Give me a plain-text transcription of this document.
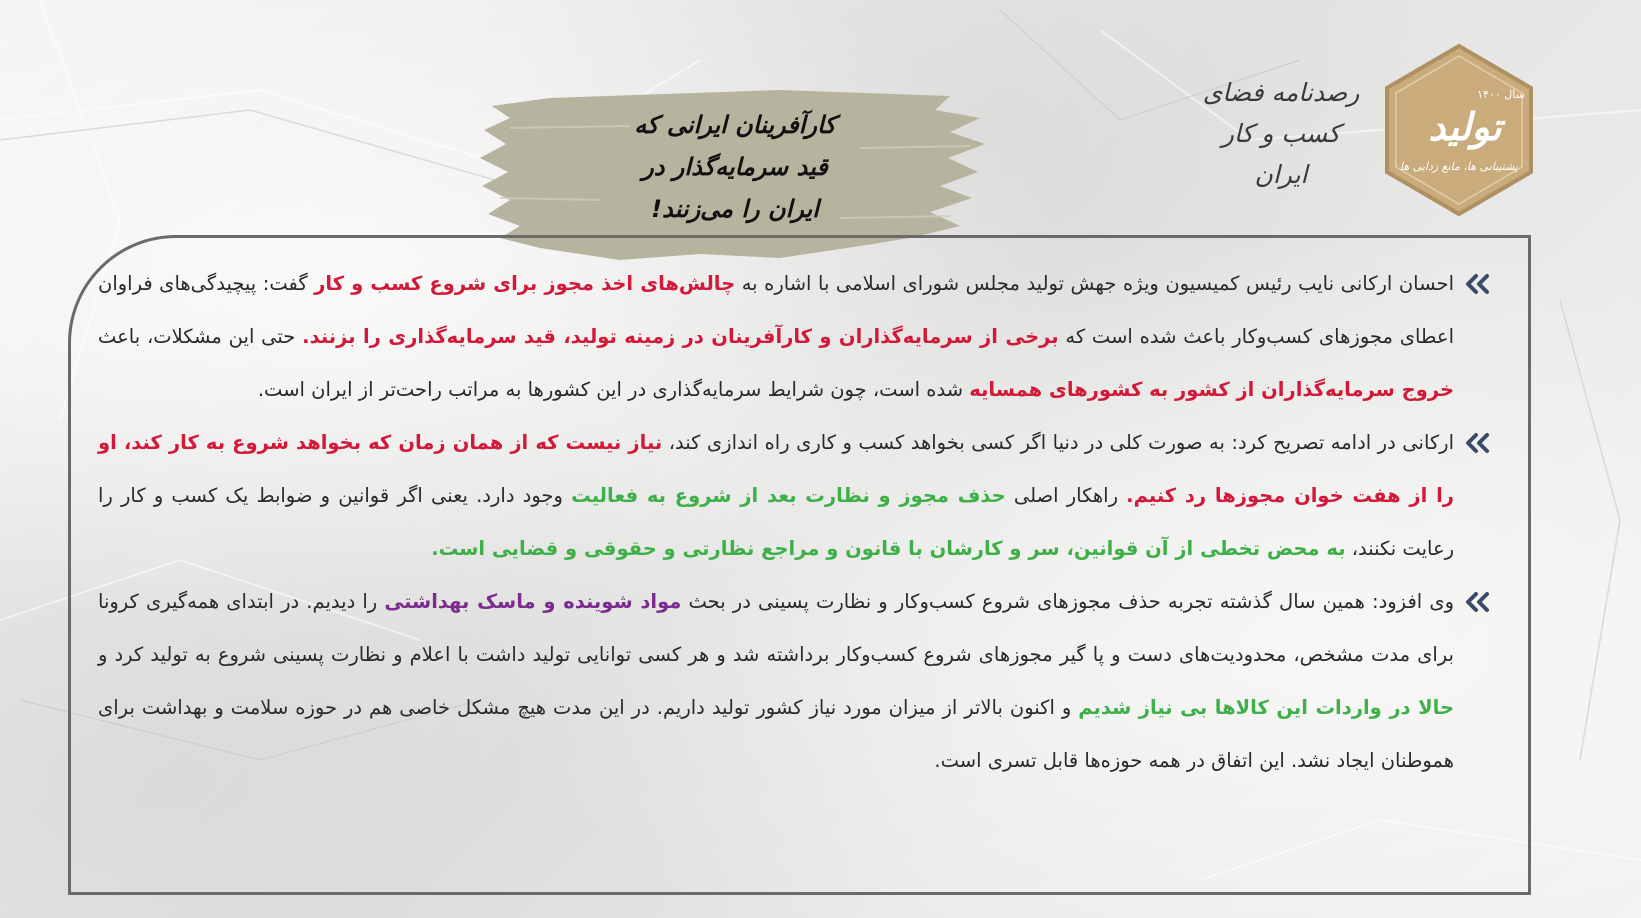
سال ۱۴۰۰
تولید
پشتیبانی ها، مانع زدایی ها
رصدنامه فضای
کسب و کار
ایران
کارآفرینان ایرانی که
قید سرمایه‌گذار در
ایران را می‌زنند!
احسان ارکانی نایب رئیس کمیسیون ویژه جهش تولید مجلس شورای اسلامی با اشاره به چالش‌های اخذ مجوز برای شروع کسب و کار گفت: پیچیدگی‌های فراوان اعطای مجوزهای کسب‌وکار باعث شده است که برخی از سرمایه‌گذاران و کارآفرینان در زمینه تولید، قید سرمایه‌گذاری را بزنند. حتی این مشکلات، باعث خروج سرمایه‌گذاران از کشور به کشورهای همسایه شده است، چون شرایط سرمایه‌گذاری در این کشورها به مراتب راحت‌تر از ایران است.
ارکانی در ادامه تصریح کرد: به صورت کلی در دنیا اگر کسی بخواهد کسب و کاری راه اندازی کند، نیاز نیست که از همان زمان که بخواهد شروع به کار کند، او را از هفت خوان مجوزها رد کنیم. راهکار اصلی حذف مجوز و نظارت بعد از شروع به فعالیت وجود دارد. یعنی اگر قوانین و ضوابط یک کسب و کار را رعایت نکنند، به محض تخطی از آن قوانین، سر و کارشان با قانون و مراجع نظارتی و حقوقی و قضایی است.
وی افزود: همین سال گذشته تجربه حذف مجوزهای شروع کسب‌وکار و نظارت پسینی در بحث مواد شوینده و ماسک بهداشتی را دیدیم. در ابتدای همه‌گیری کرونا برای مدت مشخص، محدودیت‌های دست و پا گیر مجوزهای شروع کسب‌وکار برداشته شد و هر کسی توانایی تولید داشت با اعلام و نظارت پسینی شروع به تولید کرد و حالا در واردات این کالاها بی نیاز شدیم و اکنون بالاتر از میزان مورد نیاز کشور تولید داریم. در این مدت هیچ مشکل خاصی هم در حوزه سلامت و بهداشت برای هموطنان ایجاد نشد. این اتفاق در همه حوزه‌ها قابل تسری است.
